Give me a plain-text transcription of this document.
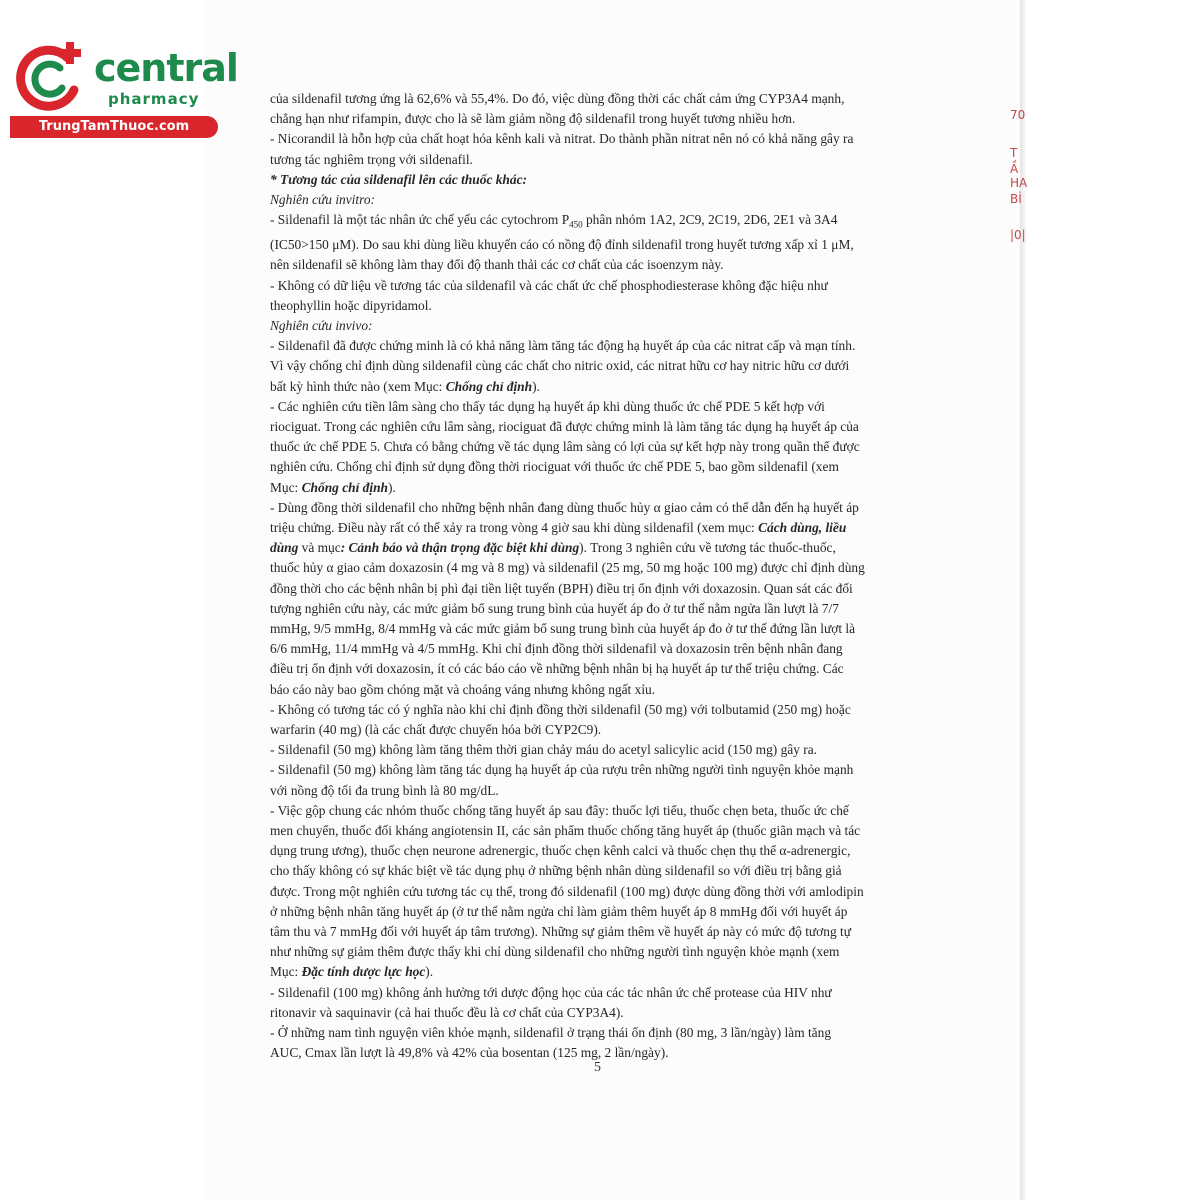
central
pharmacy
TrungTamThuoc.com
70
T
Ầ
HA
BÌ
|0|

của sildenafil tương ứng là 62,6% và 55,4%. Do đó, việc dùng đồng thời các chất cảm ứng CYP3A4 mạnh,

chẳng hạn như rifampin, được cho là sẽ làm giảm nồng độ sildenafil trong huyết tương nhiều hơn.

- Nicorandil là hỗn hợp của chất hoạt hóa kênh kali và nitrat. Do thành phần nitrat nên nó có khả năng gây ra

tương tác nghiêm trọng với sildenafil.

* Tương tác của sildenafil lên các thuốc khác:

Nghiên cứu invitro:

- Sildenafil là một tác nhân ức chế yếu các cytochrom $P_{450}$ phân nhóm 1A2, 2C9, 2C19, 2D6, 2E1 và 3A4

(IC50>150 μM). Do sau khi dùng liều khuyến cáo có nồng độ đỉnh sildenafil trong huyết tương xấp xỉ 1 μM,

nên sildenafil sẽ không làm thay đổi độ thanh thải các cơ chất của các isoenzym này.

- Không có dữ liệu về tương tác của sildenafil và các chất ức chế phosphodiesterase không đặc hiệu như

theophyllin hoặc dipyridamol.

Nghiên cứu invivo:

- Sildenafil đã được chứng minh là có khả năng làm tăng tác động hạ huyết áp của các nitrat cấp và mạn tính.

Vì vậy chống chỉ định dùng sildenafil cùng các chất cho nitric oxid, các nitrat hữu cơ hay nitric hữu cơ dưới

bất kỳ hình thức nào (xem Mục: Chống chỉ định).

- Các nghiên cứu tiền lâm sàng cho thấy tác dụng hạ huyết áp khi dùng thuốc ức chế PDE 5 kết hợp với

riociguat. Trong các nghiên cứu lâm sàng, riociguat đã được chứng minh là làm tăng tác dụng hạ huyết áp của

thuốc ức chế PDE 5. Chưa có bằng chứng về tác dụng lâm sàng có lợi của sự kết hợp này trong quần thể được

nghiên cứu. Chống chỉ định sử dụng đồng thời riociguat với thuốc ức chế PDE 5, bao gồm sildenafil (xem

Mục: Chống chỉ định).

- Dùng đồng thời sildenafil cho những bệnh nhân đang dùng thuốc hủy α giao cảm có thể dẫn đến hạ huyết áp

triệu chứng. Điều này rất có thể xảy ra trong vòng 4 giờ sau khi dùng sildenafil (xem mục: Cách dùng, liều

dùng và mục: Cảnh báo và thận trọng đặc biệt khi dùng). Trong 3 nghiên cứu về tương tác thuốc-thuốc,

thuốc hủy α giao cảm doxazosin (4 mg và 8 mg) và sildenafil (25 mg, 50 mg hoặc 100 mg) được chỉ định dùng

đồng thời cho các bệnh nhân bị phì đại tiền liệt tuyến (BPH) điều trị ổn định với doxazosin. Quan sát các đối

tượng nghiên cứu này, các mức giảm bổ sung trung bình của huyết áp đo ở tư thế nằm ngửa lần lượt là 7/7

mmHg, 9/5 mmHg, 8/4 mmHg và các mức giảm bổ sung trung bình của huyết áp đo ở tư thế đứng lần lượt là

6/6 mmHg, 11/4 mmHg và 4/5 mmHg. Khi chỉ định đồng thời sildenafil và doxazosin trên bệnh nhân đang

điều trị ổn định với doxazosin, ít có các báo cáo về những bệnh nhân bị hạ huyết áp tư thế triệu chứng. Các

báo cáo này bao gồm chóng mặt và choáng váng nhưng không ngất xỉu.

- Không có tương tác có ý nghĩa nào khi chỉ định đồng thời sildenafil (50 mg) với tolbutamid (250 mg) hoặc

warfarin (40 mg) (là các chất được chuyển hóa bởi CYP2C9).

- Sildenafil (50 mg) không làm tăng thêm thời gian chảy máu do acetyl salicylic acid (150 mg) gây ra.

- Sildenafil (50 mg) không làm tăng tác dụng hạ huyết áp của rượu trên những người tình nguyện khỏe mạnh

với nồng độ tối đa trung bình là 80 mg/dL.

- Việc gộp chung các nhóm thuốc chống tăng huyết áp sau đây: thuốc lợi tiểu, thuốc chẹn beta, thuốc ức chế

men chuyển, thuốc đối kháng angiotensin II, các sản phẩm thuốc chống tăng huyết áp (thuốc giãn mạch và tác

dụng trung ương), thuốc chẹn neurone adrenergic, thuốc chẹn kênh calci và thuốc chẹn thụ thể α-adrenergic,

cho thấy không có sự khác biệt về tác dụng phụ ở những bệnh nhân dùng sildenafil so với điều trị bằng giả

được. Trong một nghiên cứu tương tác cụ thể, trong đó sildenafil (100 mg) được dùng đồng thời với amlodipin

ở những bệnh nhân tăng huyết áp (ở tư thế nằm ngửa chỉ làm giảm thêm huyết áp 8 mmHg đối với huyết áp

tâm thu và 7 mmHg đối với huyết áp tâm trương). Những sự giảm thêm về huyết áp này có mức độ tương tự

như những sự giảm thêm được thấy khi chỉ dùng sildenafil cho những người tình nguyện khỏe mạnh (xem

Mục: Đặc tính dược lực học).

- Sildenafil (100 mg) không ảnh hưởng tới dược động học của các tác nhân ức chế protease của HIV như

ritonavir và saquinavir (cả hai thuốc đều là cơ chất của CYP3A4).

- Ở những nam tình nguyện viên khỏe mạnh, sildenafil ở trạng thái ổn định (80 mg, 3 lần/ngày) làm tăng

AUC, Cmax lần lượt là 49,8% và 42% của bosentan (125 mg, 2 lần/ngày).

5
